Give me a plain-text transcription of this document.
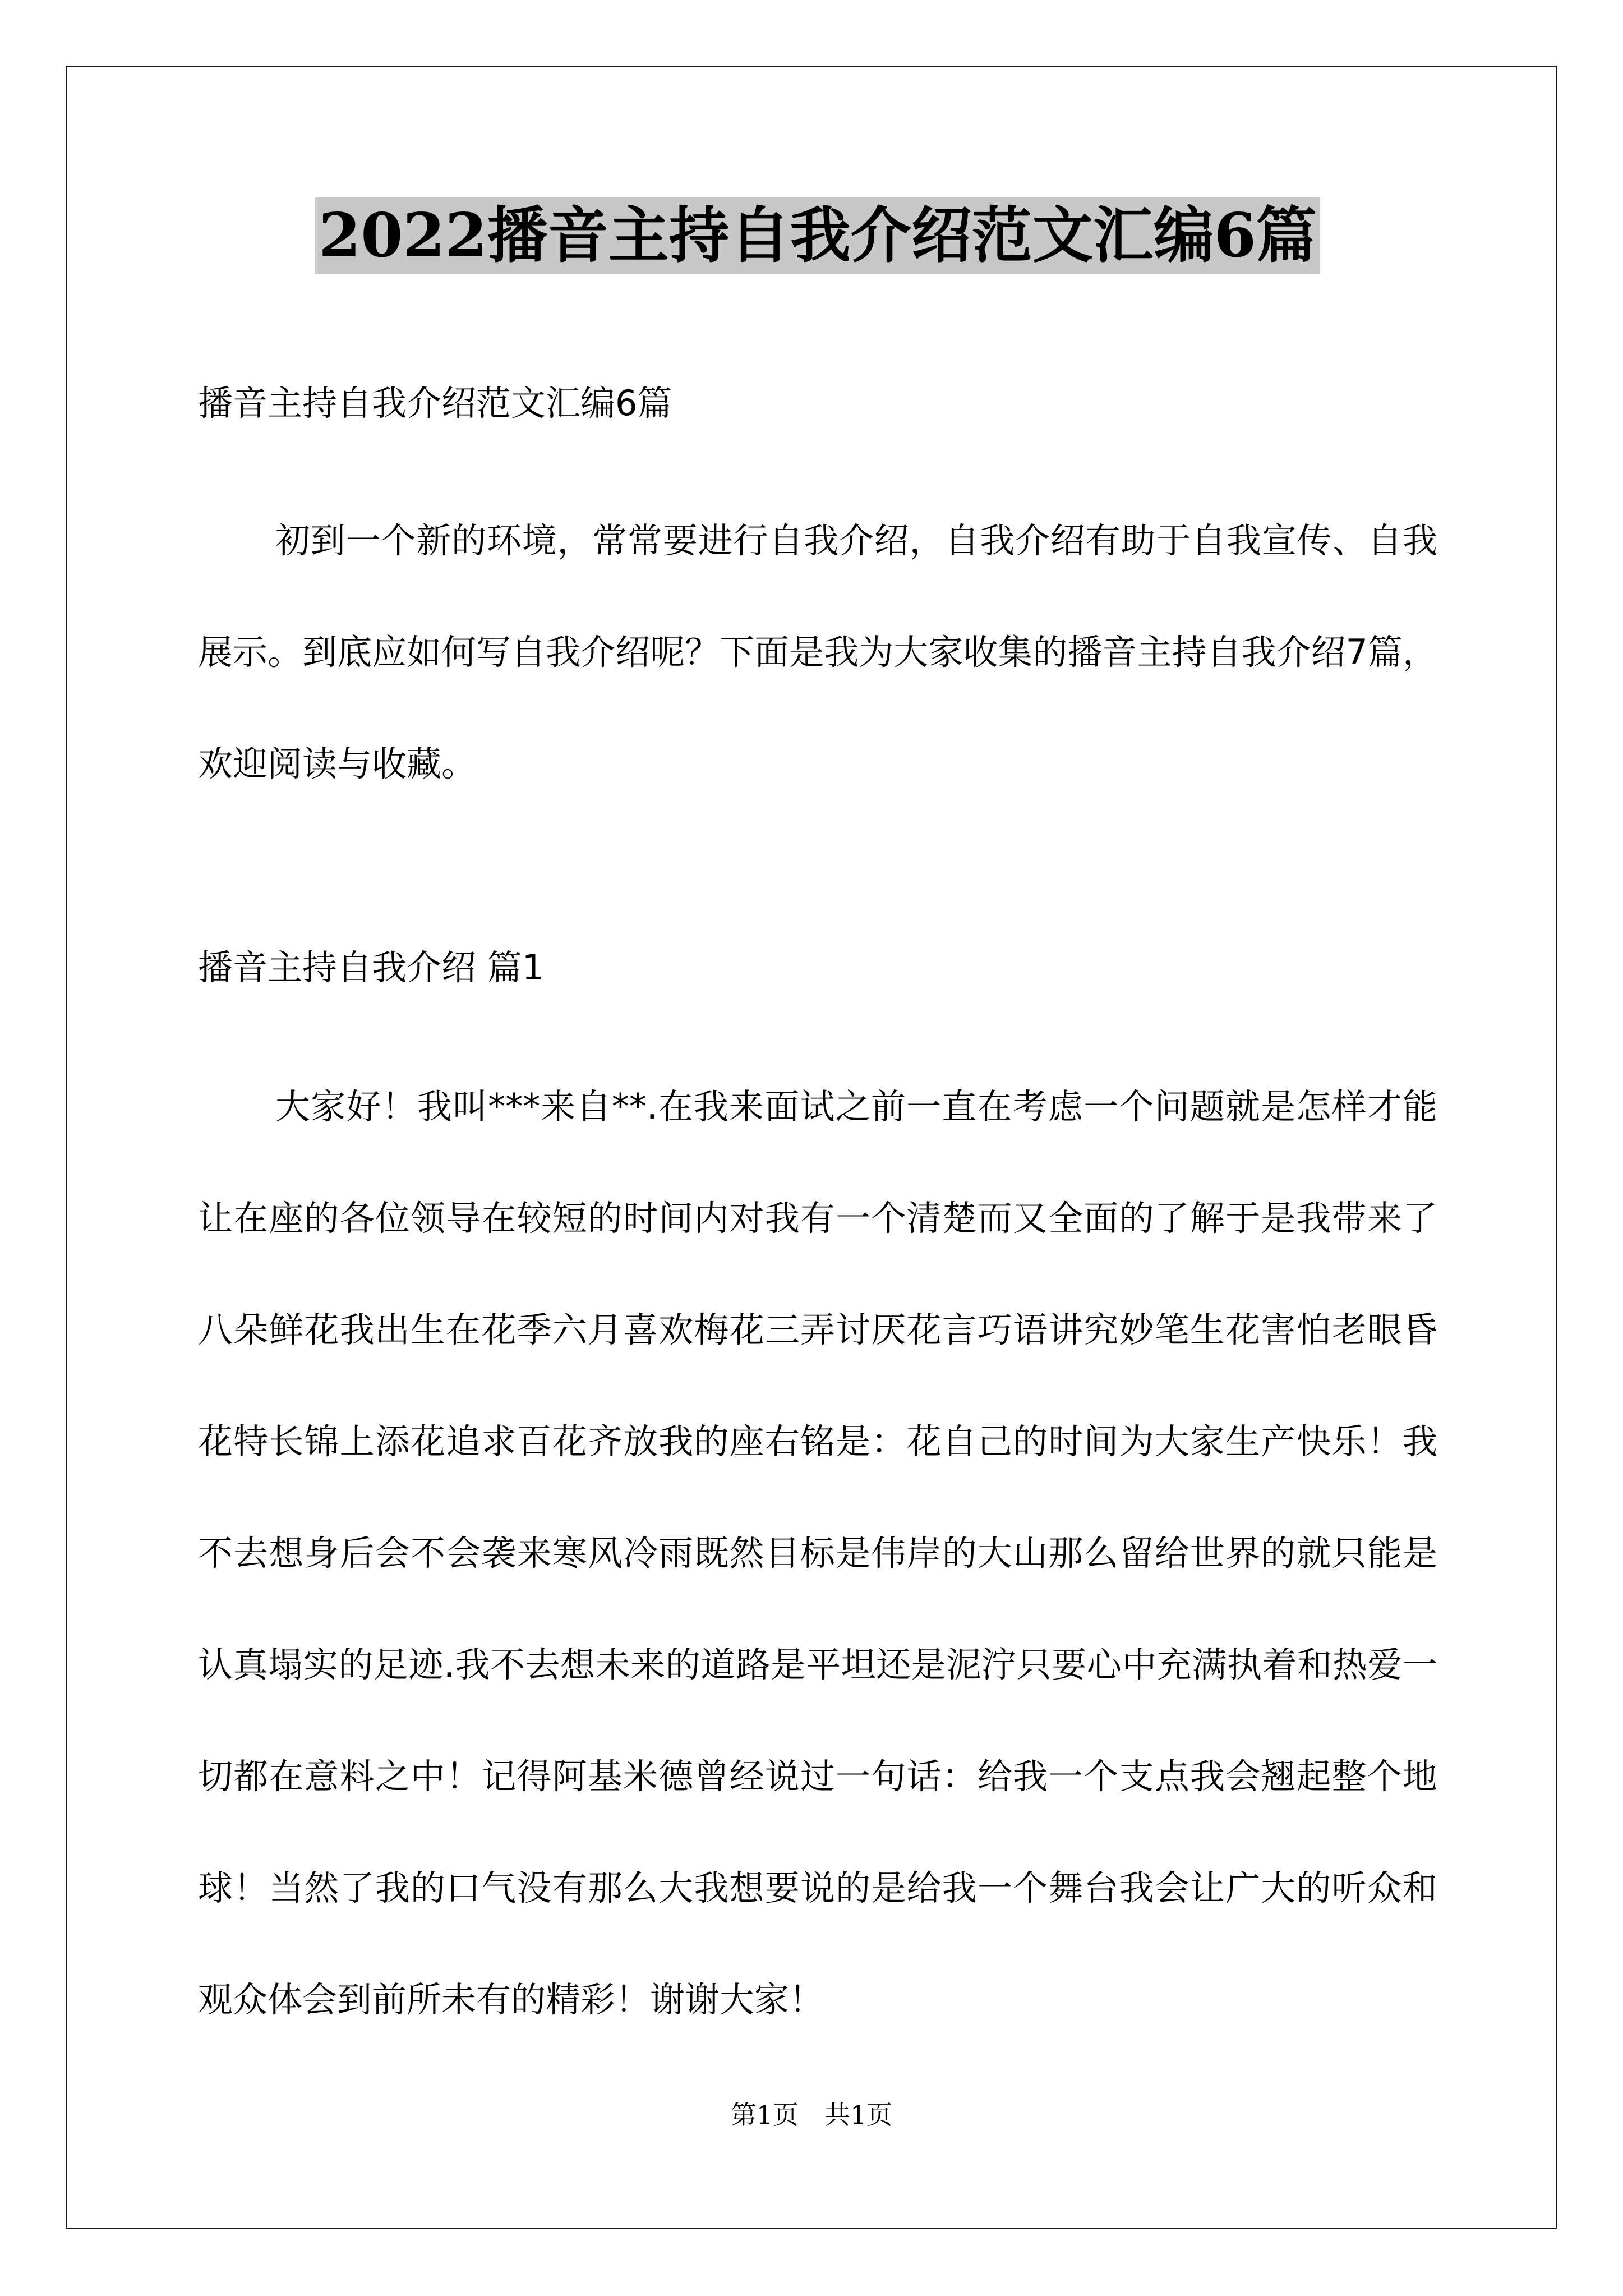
2022播音主持自我介绍范文汇编6篇

播音主持自我介绍范文汇编6篇

初到一个新的环境，常常要进行自我介绍，自我介绍有助于自我宣传、自我展示。到底应如何写自我介绍呢？下面是我为大家收集的播音主持自我介绍7篇，欢迎阅读与收藏。

播音主持自我介绍 篇1

大家好！我叫***来自**.在我来面试之前一直在考虑一个问题就是怎样才能让在座的各位领导在较短的时间内对我有一个清楚而又全面的了解于是我带来了八朵鲜花我出生在花季六月喜欢梅花三弄讨厌花言巧语讲究妙笔生花害怕老眼昏花特长锦上添花追求百花齐放我的座右铭是：花自己的时间为大家生产快乐！我不去想身后会不会袭来寒风冷雨既然目标是伟岸的大山那么留给世界的就只能是认真塌实的足迹.我不去想未来的道路是平坦还是泥泞只要心中充满执着和热爱一切都在意料之中！记得阿基米德曾经说过一句话：给我一个支点我会翘起整个地球！当然了我的口气没有那么大我想要说的是给我一个舞台我会让广大的听众和观众体会到前所未有的精彩！谢谢大家！

第1页　共1页
